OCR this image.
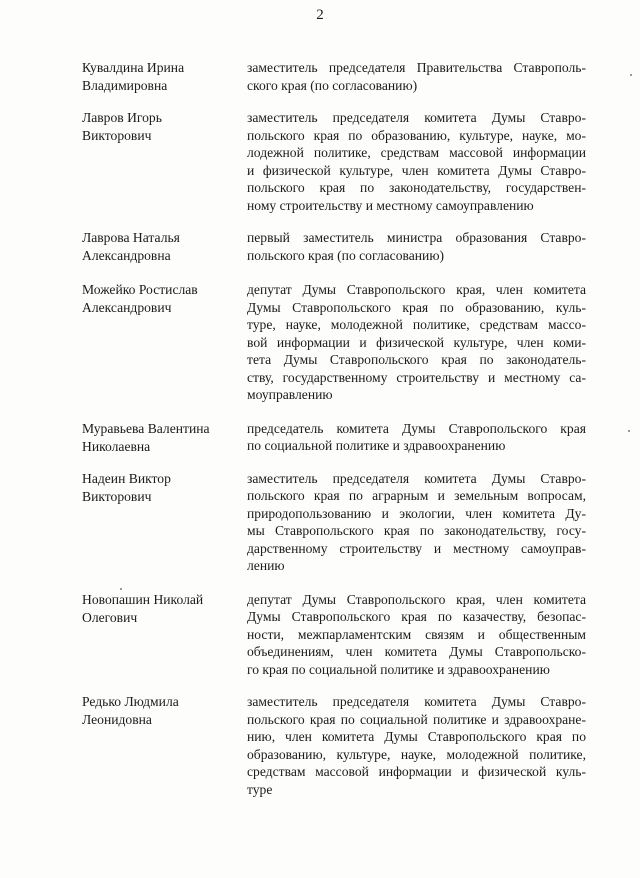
2
Кувалдина Ирина
Владимировна
заместитель председателя Правительства Ставрополь-
ского края (по согласованию)
Лавров Игорь
Викторович
заместитель председателя комитета Думы Ставро-
польского края по образованию, культуре, науке, мо-
лодежной политике, средствам массовой информации
и физической культуре, член комитета Думы Ставро-
польского края по законодательству, государствен-
ному строительству и местному самоуправлению
Лаврова Наталья
Александровна
первый заместитель министра образования Ставро-
польского края (по согласованию)
Можейко Ростислав
Александрович
депутат Думы Ставропольского края, член комитета
Думы Ставропольского края по образованию, куль-
туре, науке, молодежной политике, средствам массо-
вой информации и физической культуре, член коми-
тета Думы Ставропольского края по законодатель-
ству, государственному строительству и местному са-
моуправлению
Муравьева Валентина
Николаевна
председатель комитета Думы Ставропольского края
по социальной политике и здравоохранению
Надеин Виктор
Викторович
заместитель председателя комитета Думы Ставро-
польского края по аграрным и земельным вопросам,
природопользованию и экологии, член комитета Ду-
мы Ставропольского края по законодательству, госу-
дарственному строительству и местному самоуправ-
лению
Новопашин Николай
Олегович
депутат Думы Ставропольского края, член комитета
Думы Ставропольского края по казачеству, безопас-
ности, межпарламентским связям и общественным
объединениям, член комитета Думы Ставропольско-
го края по социальной политике и здравоохранению
Редько Людмила
Леонидовна
заместитель председателя комитета Думы Ставро-
польского края по социальной политике и здравоохране-
нию, член комитета Думы Ставропольского края по
образованию, культуре, науке, молодежной политике,
средствам массовой информации и физической куль-
туре
